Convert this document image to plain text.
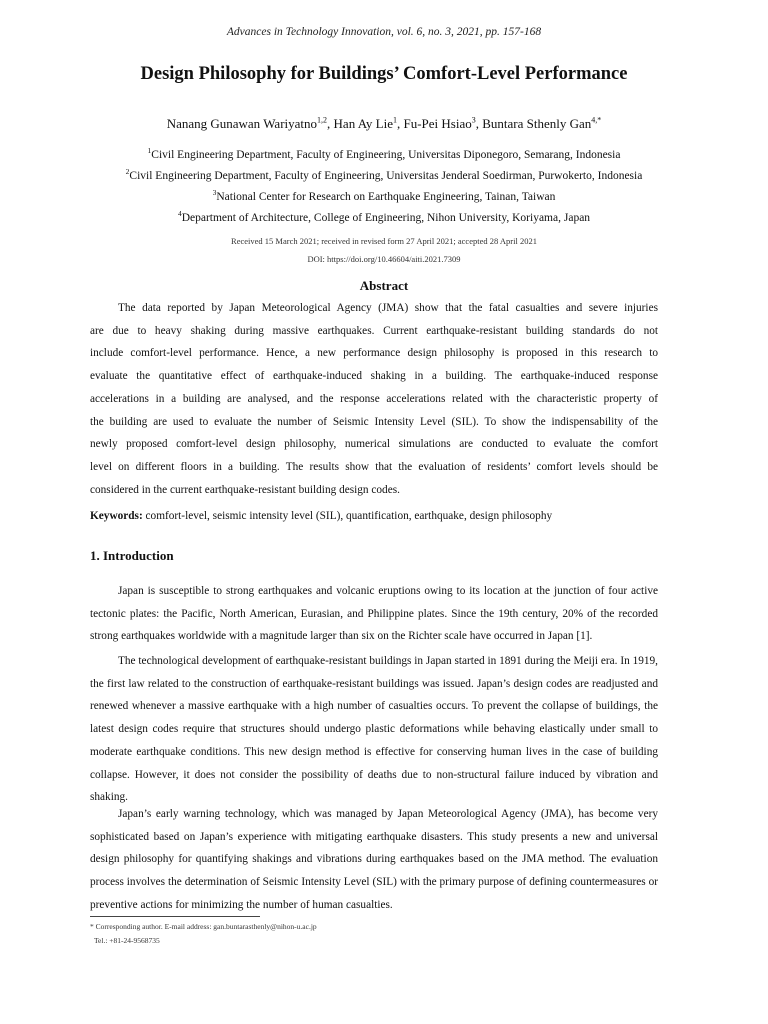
Advances in Technology Innovation, vol. 6, no. 3, 2021, pp. 157-168
Design Philosophy for Buildings’ Comfort-Level Performance
Nanang Gunawan Wariyatno$^{1,2}$, Han Ay Lie$^1$, Fu-Pei Hsiao$^3$, Buntara Sthenly Gan$^{4,*}$
$^1$Civil Engineering Department, Faculty of Engineering, Universitas Diponegoro, Semarang, Indonesia
$^2$Civil Engineering Department, Faculty of Engineering, Universitas Jenderal Soedirman, Purwokerto, Indonesia
$^3$National Center for Research on Earthquake Engineering, Tainan, Taiwan
$^4$Department of Architecture, College of Engineering, Nihon University, Koriyama, Japan
Received 15 March 2021; received in revised form 27 April 2021; accepted 28 April 2021
DOI: https://doi.org/10.46604/aiti.2021.7309
Abstract
The data reported by Japan Meteorological Agency (JMA) show that the fatal casualties and severe injuries
are due to heavy shaking during massive earthquakes. Current earthquake-resistant building standards do not
include comfort-level performance. Hence, a new performance design philosophy is proposed in this research to
evaluate the quantitative effect of earthquake-induced shaking in a building. The earthquake-induced response
accelerations in a building are analysed, and the response accelerations related with the characteristic property of
the building are used to evaluate the number of Seismic Intensity Level (SIL). To show the indispensability of the
newly proposed comfort-level design philosophy, numerical simulations are conducted to evaluate the comfort
level on different floors in a building. The results show that the evaluation of residents’ comfort levels should be
considered in the current earthquake-resistant building design codes.
Keywords: comfort-level, seismic intensity level (SIL), quantification, earthquake, design philosophy
1. Introduction
Japan is susceptible to strong earthquakes and volcanic eruptions owing to its location at the junction of four active
tectonic plates: the Pacific, North American, Eurasian, and Philippine plates. Since the 19th century, 20% of the recorded
strong earthquakes worldwide with a magnitude larger than six on the Richter scale have occurred in Japan [1].
The technological development of earthquake-resistant buildings in Japan started in 1891 during the Meiji era. In 1919,
the first law related to the construction of earthquake-resistant buildings was issued. Japan’s design codes are readjusted and
renewed whenever a massive earthquake with a high number of casualties occurs. To prevent the collapse of buildings, the
latest design codes require that structures should undergo plastic deformations while behaving elastically under small to
moderate earthquake conditions. This new design method is effective for conserving human lives in the case of building
collapse. However, it does not consider the possibility of deaths due to non-structural failure induced by vibration and
shaking.
Japan’s early warning technology, which was managed by Japan Meteorological Agency (JMA), has become very
sophisticated based on Japan’s experience with mitigating earthquake disasters. This study presents a new and universal
design philosophy for quantifying shakings and vibrations during earthquakes based on the JMA method. The evaluation
process involves the determination of Seismic Intensity Level (SIL) with the primary purpose of defining countermeasures or
preventive actions for minimizing the number of human casualties.
* Corresponding author. E-mail address: gan.buntarasthenly@nihon-u.ac.jp
Tel.: +81-24-9568735
